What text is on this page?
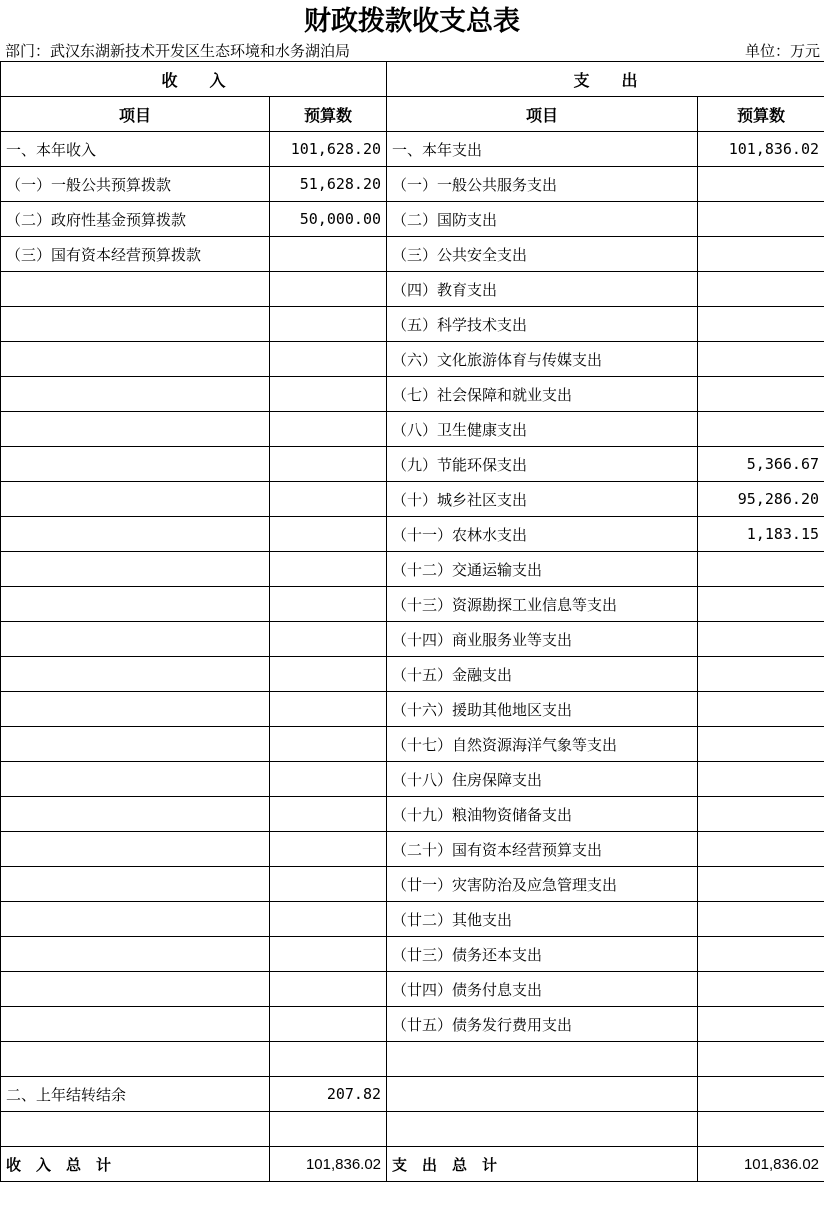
财政拨款收支总表
部门：武汉东湖新技术开发区生态环境和水务湖泊局	单位：万元
收　　入		支　　出	
项目	预算数	项目	预算数
一、本年收入	101,628.20	一、本年支出	101,836.02
（一）一般公共预算拨款	51,628.20	（一）一般公共服务支出	
（二）政府性基金预算拨款	50,000.00	（二）国防支出	
（三）国有资本经营预算拨款		（三）公共安全支出	
		（四）教育支出	
		（五）科学技术支出	
		（六）文化旅游体育与传媒支出	
		（七）社会保障和就业支出	
		（八）卫生健康支出	
		（九）节能环保支出	5,366.67
		（十）城乡社区支出	95,286.20
		（十一）农林水支出	1,183.15
		（十二）交通运输支出	
		（十三）资源勘探工业信息等支出	
		（十四）商业服务业等支出	
		（十五）金融支出	
		（十六）援助其他地区支出	
		（十七）自然资源海洋气象等支出	
		（十八）住房保障支出	
		（十九）粮油物资储备支出	
		（二十）国有资本经营预算支出	
		（廿一）灾害防治及应急管理支出	
		（廿二）其他支出	
		（廿三）债务还本支出	
		（廿四）债务付息支出	
		（廿五）债务发行费用支出	

二、上年结转结余	207.82		

收　入　总　计	101,836.02	支　出　总　计	101,836.02
